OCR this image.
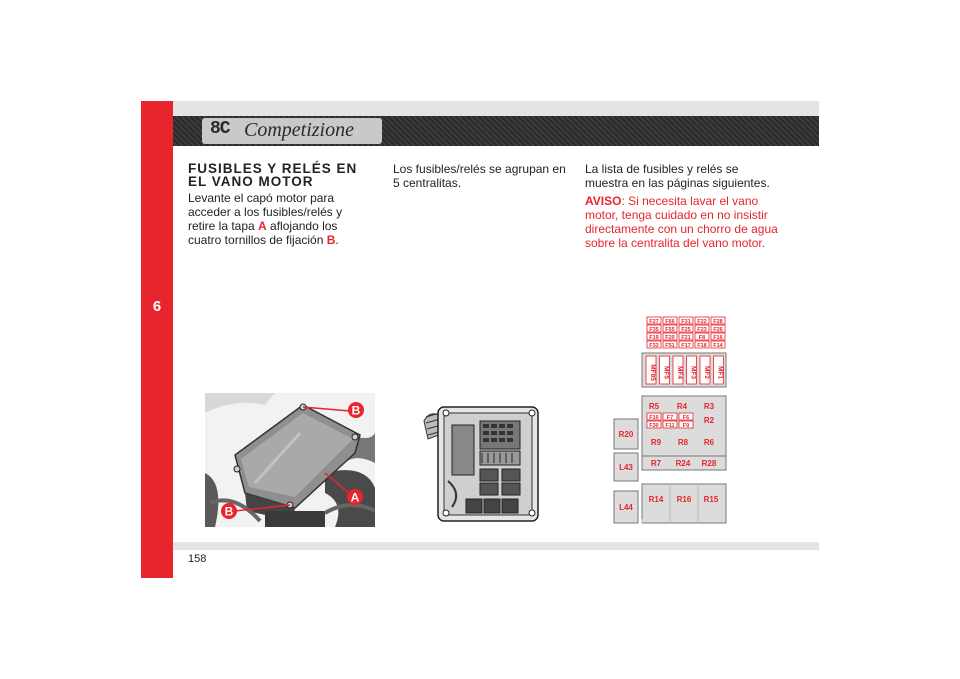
6
8C Competizione
158
FUSIBLES Y RELÉS EN EL VANO MOTOR

Levante el capó motor para acceder a los fusibles/relés y retire la tapa A aflojando los cuatro tornillos de fijación B.

Los fusibles/relés se agrupan en 5 centralitas.

La lista de fusibles y relés se muestra en las páginas siguientes.

AVISO: Si necesita lavar el vano motor, tenga cuidado en no insistir directamente con un chorro de agua sobre la centralita del vano motor.

B
A
B
F27 F66 F31 F22 F28
F35 F55 F25 F23 F26
F19 F20 F21 F8 F16
F33 F51 F17 F18 F14
MF85 MF5 MF4 MF3 MF2 MF1
R5 R4 R3
F10 F7 F6
F30 F11 F9
R2
R9 R8 R6
R7 R24 R28
R20
L43
L44
R14 R16 R15
